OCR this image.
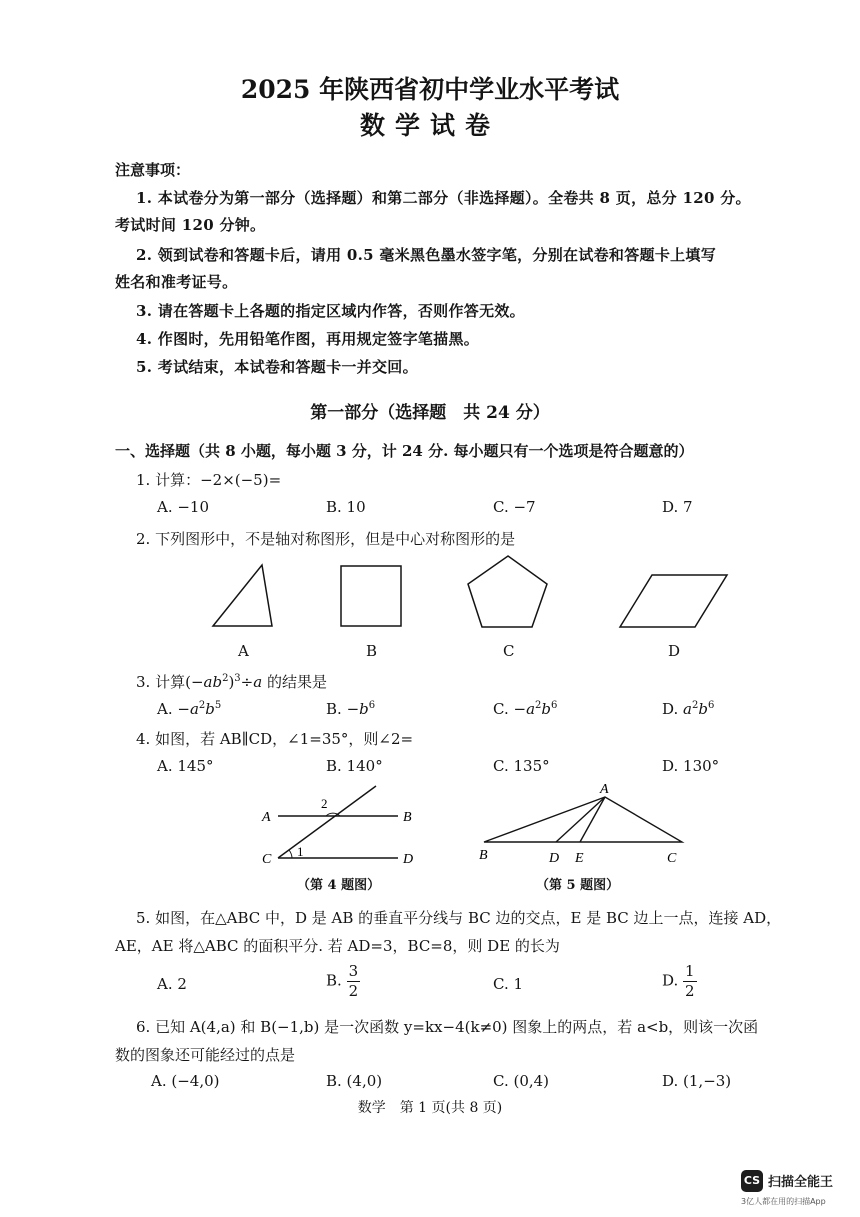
2025 年陕西省初中学业水平考试
数学试卷
注意事项：
1. 本试卷分为第一部分（选择题）和第二部分（非选择题）。全卷共 8 页，总分 120 分。
考试时间 120 分钟。
2. 领到试卷和答题卡后，请用 0.5 毫米黑色墨水签字笔，分别在试卷和答题卡上填写
姓名和准考证号。
3. 请在答题卡上各题的指定区域内作答，否则作答无效。
4. 作图时，先用铅笔作图，再用规定签字笔描黑。
5. 考试结束，本试卷和答题卡一并交回。
第一部分（选择题　共 24 分）
一、选择题（共 8 小题，每小题 3 分，计 24 分. 每小题只有一个选项是符合题意的）
1. 计算：−2×(−5)=
A. −10	B. 10	C. −7	D. 7
2. 下列图形中，不是轴对称图形，但是中心对称图形的是
A	B	C	D
3. 计算$(-ab^2)^3\div a$ 的结果是
A. $-a^2b^5$	B. $-b^6$	C. $-a^2b^6$	D. $a^2b^6$
4. 如图，若 AB∥CD，∠1=35°，则∠2=
A. 145°	B. 140°	C. 135°	D. 130°
A	B
C	D
1
2
A
B	D E	C
（第 4 题图）	（第 5 题图）
5. 如图，在△ABC 中，D 是 AB 的垂直平分线与 BC 边的交点，E 是 BC 边上一点，连接 AD，
AE，AE 将△ABC 的面积平分. 若 AD=3，BC=8，则 DE 的长为
A. 2	B. $\frac{3}{2}$	C. 1	D. $\frac{1}{2}$
6. 已知 A(4,a) 和 B(−1,b) 是一次函数 y=kx−4(k≠0) 图象上的两点，若 a<b，则该一次函
数的图象还可能经过的点是
A. (−4,0)	B. (4,0)	C. (0,4)	D. (1,−3)
数学　第 1 页(共 8 页)
CS 扫描全能王
3亿人都在用的扫描App
